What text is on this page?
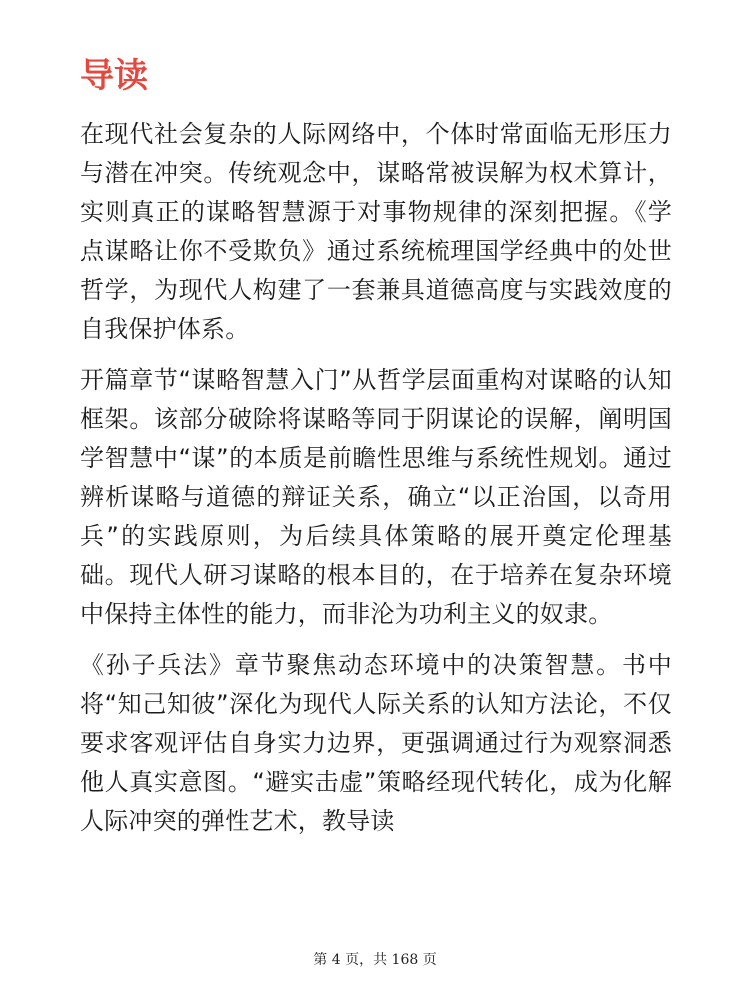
导读

在现代社会复杂的人际网络中，个体时常面临无形压力与潜在冲突。传统观念中，谋略常被误解为权术算计，实则真正的谋略智慧源于对事物规律的深刻把握。《学点谋略让你不受欺负》通过系统梳理国学经典中的处世哲学，为现代人构建了一套兼具道德高度与实践效度的自我保护体系。

开篇章节“谋略智慧入门”从哲学层面重构对谋略的认知框架。该部分破除将谋略等同于阴谋论的误解，阐明国学智慧中“谋”的本质是前瞻性思维与系统性规划。通过辨析谋略与道德的辩证关系，确立“以正治国，以奇用兵”的实践原则，为后续具体策略的展开奠定伦理基础。现代人研习谋略的根本目的，在于培养在复杂环境中保持主体性的能力，而非沦为功利主义的奴隶。

《孙子兵法》章节聚焦动态环境中的决策智慧。书中将“知己知彼”深化为现代人际关系的认知方法论，不仅要求客观评估自身实力边界，更强调通过行为观察洞悉他人真实意图。“避实击虚”策略经现代转化，成为化解人际冲突的弹性艺术，教导读

第 4 页，共 168 页
